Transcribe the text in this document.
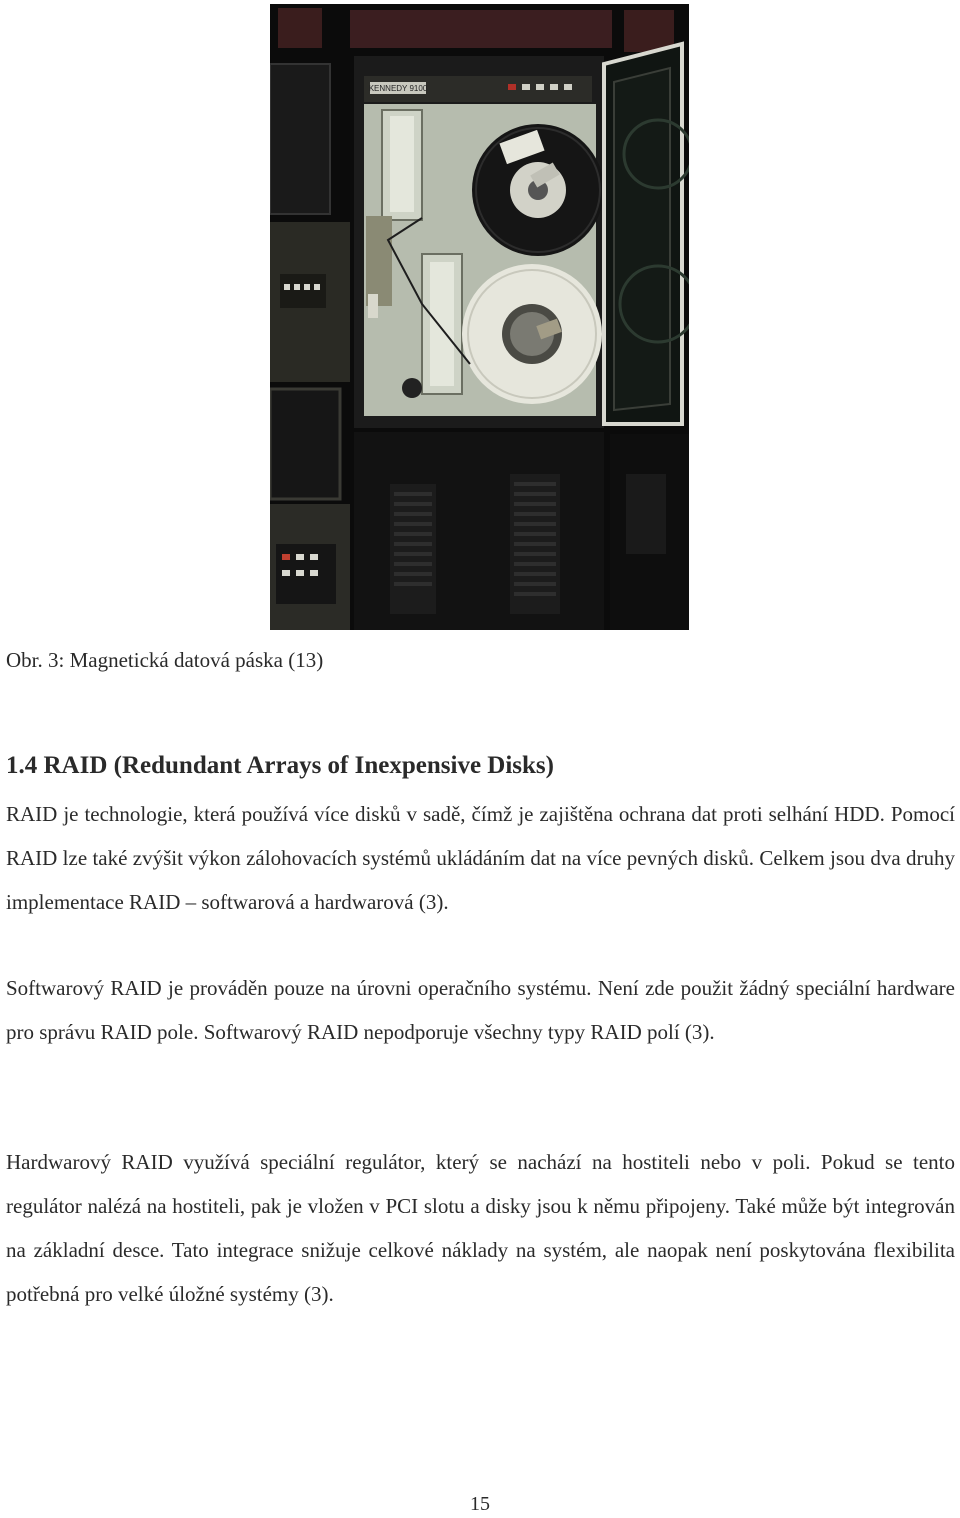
KENNEDY 9100
Obr. 3: Magnetická datová páska (13)
1.4 RAID (Redundant Arrays of Inexpensive Disks)

RAID je technologie, která používá více disků v sadě, čímž je zajištěna ochrana dat proti selhání HDD. Pomocí RAID lze také zvýšit výkon zálohovacích systémů ukládáním dat na více pevných disků. Celkem jsou dva druhy implementace RAID – softwarová a hardwarová (3).

Softwarový RAID je prováděn pouze na úrovni operačního systému. Není zde použit žádný speciální hardware pro správu RAID pole. Softwarový RAID nepodporuje všechny typy RAID polí (3).

Hardwarový RAID využívá speciální regulátor, který se nachází na hostiteli nebo v poli. Pokud se tento regulátor nalézá na hostiteli, pak je vložen v PCI slotu a disky jsou k němu připojeny. Také může být integrován na základní desce. Tato integrace snižuje celkové náklady na systém, ale naopak není poskytována flexibilita potřebná pro velké úložné systémy (3).

15
